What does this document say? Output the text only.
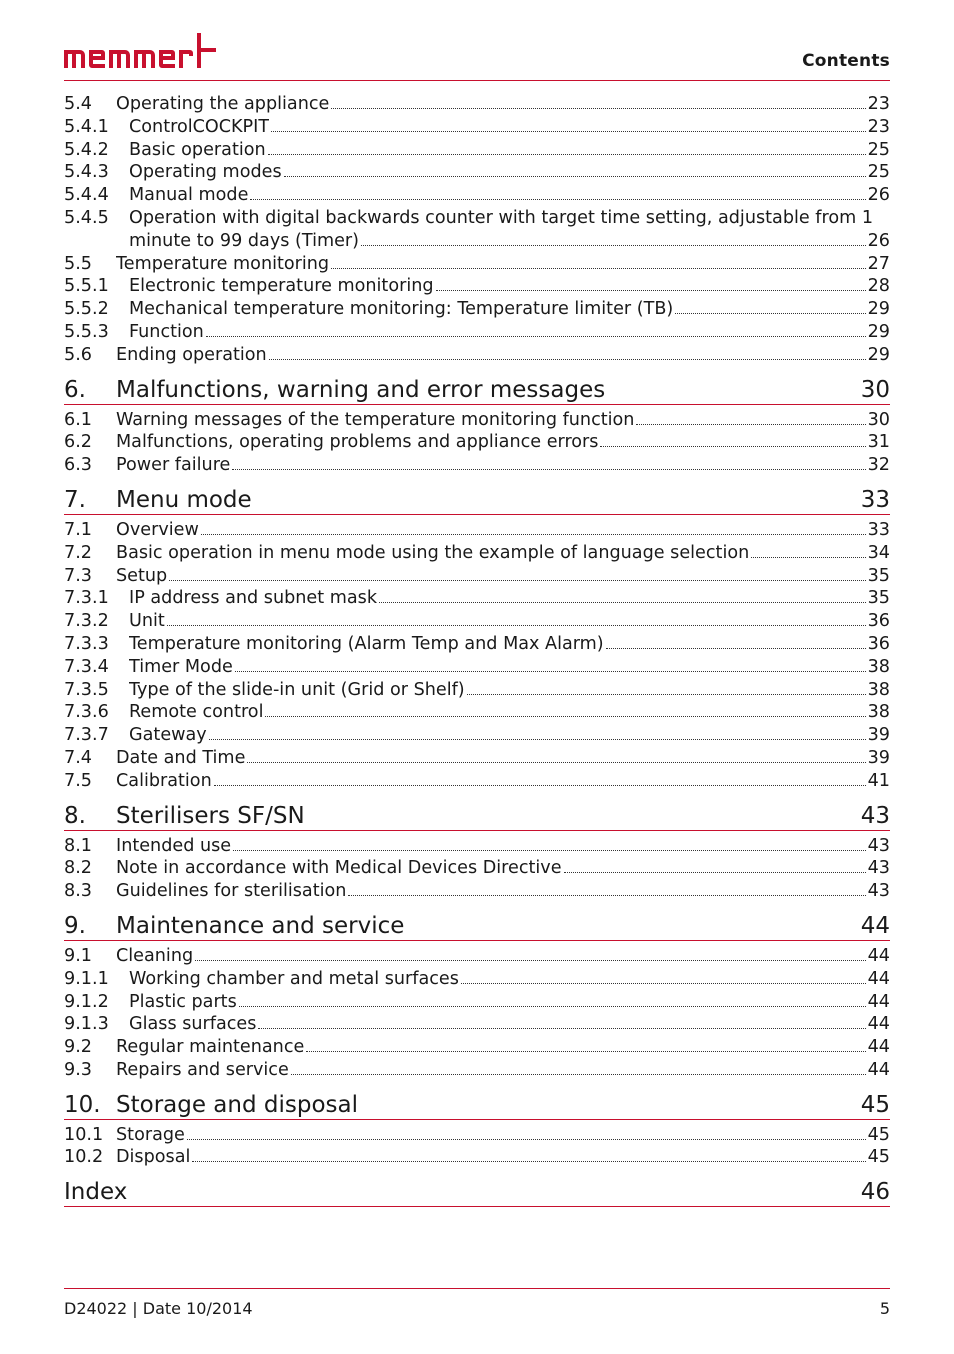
Contents
5.4	Operating the appliance	23
5.4.1	ControlCOCKPIT	23
5.4.2	Basic operation	25
5.4.3	Operating modes	25
5.4.4	Manual mode	26
5.4.5	Operation with digital backwards counter with target time setting, adjustable from 1
minute to 99 days (Timer)	26
5.5	Temperature monitoring	27
5.5.1	Electronic temperature monitoring	28
5.5.2	Mechanical temperature monitoring: Temperature limiter (TB)	29
5.5.3	Function	29
5.6	Ending operation	29
6.	Malfunctions, warning and error messages	30
6.1	Warning messages of the temperature monitoring function	30
6.2	Malfunctions, operating problems and appliance errors	31
6.3	Power failure	32
7.	Menu mode	33
7.1	Overview	33
7.2	Basic operation in menu mode using the example of language selection	34
7.3	Setup	35
7.3.1	IP address and subnet mask	35
7.3.2	Unit	36
7.3.3	Temperature monitoring (Alarm Temp and Max Alarm)	36
7.3.4	Timer Mode	38
7.3.5	Type of the slide-in unit (Grid or Shelf)	38
7.3.6	Remote control	38
7.3.7	Gateway	39
7.4	Date and Time	39
7.5	Calibration	41
8.	Sterilisers SF/SN	43
8.1	Intended use	43
8.2	Note in accordance with Medical Devices Directive	43
8.3	Guidelines for sterilisation	43
9.	Maintenance and service	44
9.1	Cleaning	44
9.1.1	Working chamber and metal surfaces	44
9.1.2	Plastic parts	44
9.1.3	Glass surfaces	44
9.2	Regular maintenance	44
9.3	Repairs and service	44
10. Storage and disposal	45
10.1 Storage	45
10.2 Disposal	45
Index	46
D24022 | Date 10/2014	5
